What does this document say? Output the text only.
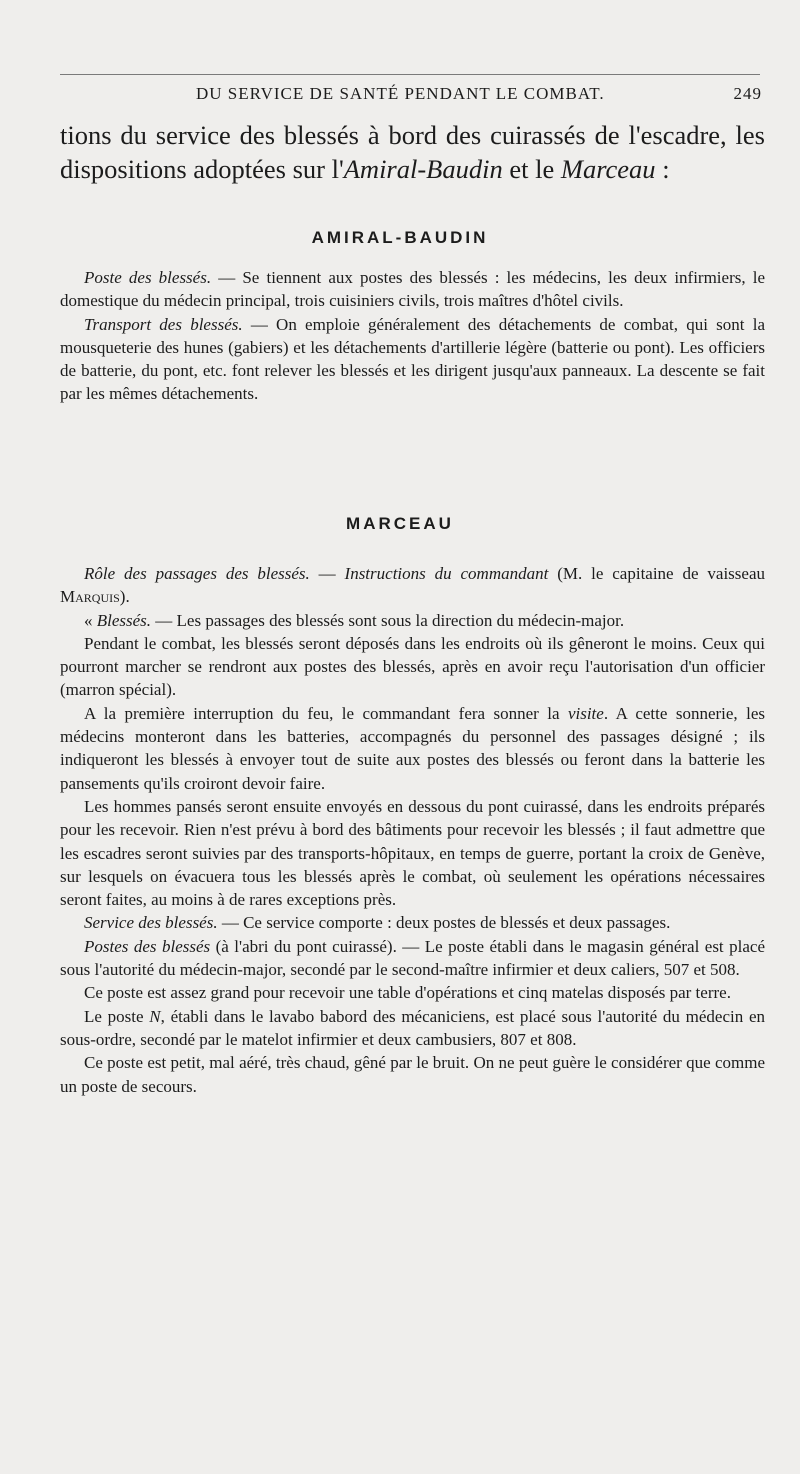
DU SERVICE DE SANTÉ PENDANT LE COMBAT.	249

tions du service des blessés à bord des cuirassés de l'escadre, les dispositions adoptées sur l'Amiral-Baudin et le Marceau :

AMIRAL-BAUDIN

Poste des blessés. — Se tiennent aux postes des blessés : les médecins, les deux infirmiers, le domestique du médecin principal, trois cuisiniers civils, trois maîtres d'hôtel civils.

Transport des blessés. — On emploie généralement des détachements de combat, qui sont la mousqueterie des hunes (gabiers) et les détachements d'artillerie légère (batterie ou pont). Les officiers de batterie, du pont, etc. font relever les blessés et les dirigent jusqu'aux panneaux. La descente se fait par les mêmes détachements.

MARCEAU

Rôle des passages des blessés. — Instructions du commandant (M. le capitaine de vaisseau Marquis).

« Blessés. — Les passages des blessés sont sous la direction du médecin-major.

Pendant le combat, les blessés seront déposés dans les endroits où ils gêneront le moins. Ceux qui pourront marcher se rendront aux postes des blessés, après en avoir reçu l'autorisation d'un officier (marron spécial).

A la première interruption du feu, le commandant fera sonner la visite. A cette sonnerie, les médecins monteront dans les batteries, accompagnés du personnel des passages désigné ; ils indiqueront les blessés à envoyer tout de suite aux postes des blessés ou feront dans la batterie les pansements qu'ils croiront devoir faire.

Les hommes pansés seront ensuite envoyés en dessous du pont cuirassé, dans les endroits préparés pour les recevoir. Rien n'est prévu à bord des bâtiments pour recevoir les blessés ; il faut admettre que les escadres seront suivies par des transports-hôpitaux, en temps de guerre, portant la croix de Genève, sur lesquels on évacuera tous les blessés après le combat, où seulement les opérations nécessaires seront faites, au moins à de rares exceptions près.

Service des blessés. — Ce service comporte : deux postes de blessés et deux passages.

Postes des blessés (à l'abri du pont cuirassé). — Le poste établi dans le magasin général est placé sous l'autorité du médecin-major, secondé par le second-maître infirmier et deux caliers, 507 et 508.

Ce poste est assez grand pour recevoir une table d'opérations et cinq matelas disposés par terre.

Le poste N, établi dans le lavabo babord des mécaniciens, est placé sous l'autorité du médecin en sous-ordre, secondé par le matelot infirmier et deux cambusiers, 807 et 808.

Ce poste est petit, mal aéré, très chaud, gêné par le bruit. On ne peut guère le considérer que comme un poste de secours.
